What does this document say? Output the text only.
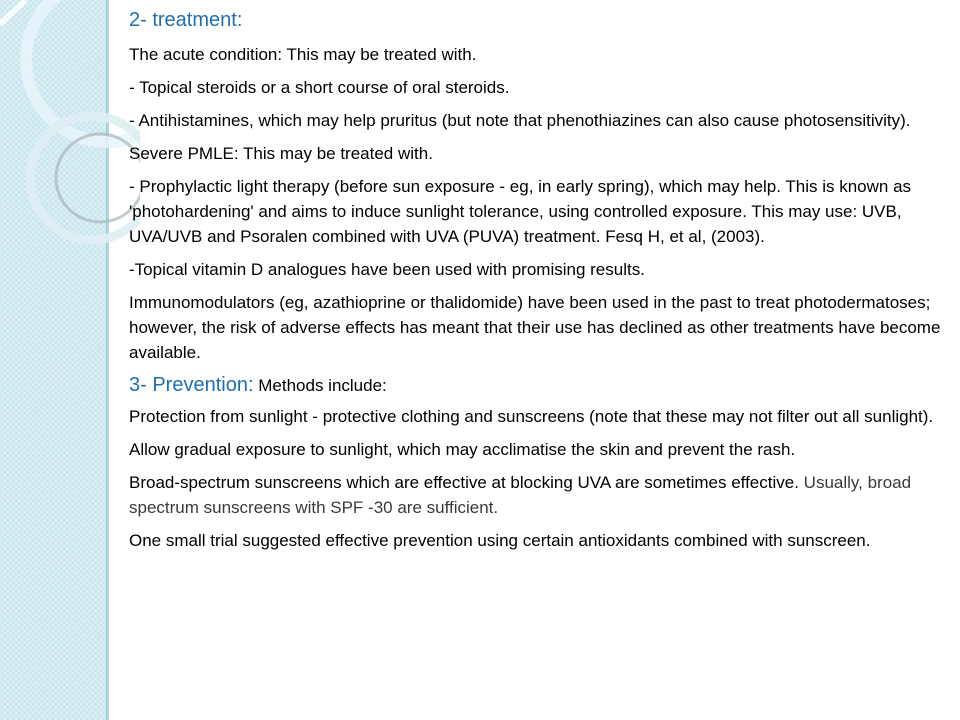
2- treatment:

The acute condition: This may be treated with.

- Topical steroids or a short course of oral steroids.

- Antihistamines, which may help pruritus (but note that phenothiazines can also cause photosensitivity).

Severe PMLE: This may be treated with.

- Prophylactic light therapy (before sun exposure - eg, in early spring), which may help. This is known as 'photohardening' and aims to induce sunlight tolerance, using controlled exposure. This may use: UVB, UVA/UVB and Psoralen combined with UVA (PUVA) treatment. Fesq H, et al, (2003).

-Topical vitamin D analogues have been used with promising results.

Immunomodulators (eg, azathioprine or thalidomide) have been used in the past to treat photodermatoses; however, the risk of adverse effects has meant that their use has declined as other treatments have become available.

3- Prevention: Methods include:

Protection from sunlight - protective clothing and sunscreens (note that these may not filter out all sunlight).

Allow gradual exposure to sunlight, which may acclimatise the skin and prevent the rash.

Broad-spectrum sunscreens which are effective at blocking UVA are sometimes effective. Usually, broad spectrum sunscreens with SPF -30 are sufficient.

One small trial suggested effective prevention using certain antioxidants combined with sunscreen.
